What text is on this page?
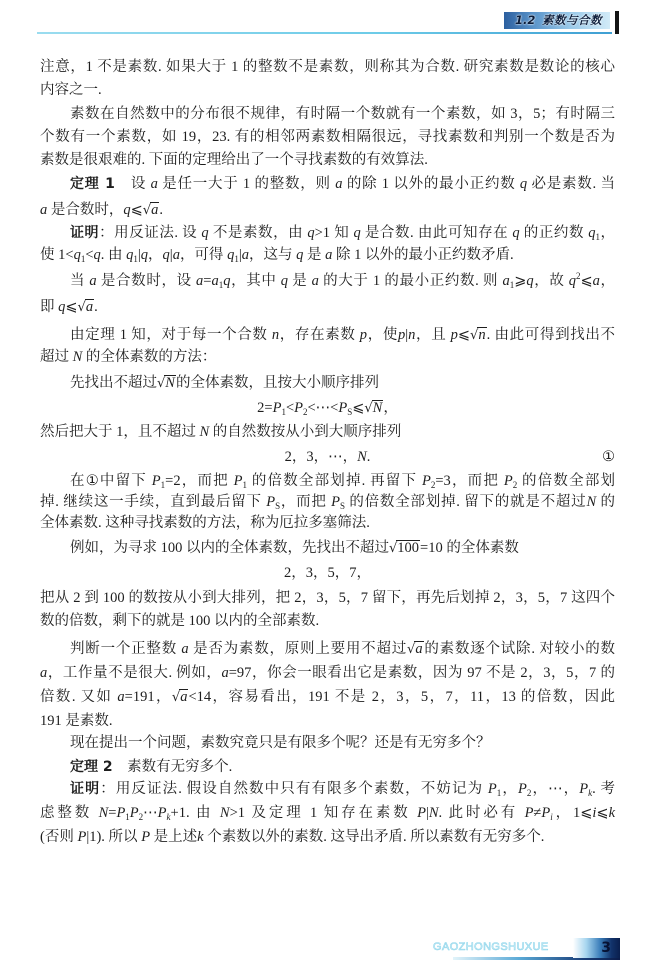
1.2 素数与合数
注意，1 不是素数. 如果大于 1 的整数不是素数，则称其为合数. 研究素数是数论的核心
内容之一.
素数在自然数中的分布很不规律，有时隔一个数就有一个素数，如 3，5；有时隔三
个数有一个素数，如 19，23. 有的相邻两素数相隔很远，寻找素数和判别一个数是否为
素数是很艰难的. 下面的定理给出了一个寻找素数的有效算法.
定理 1　设 a 是任一大于 1 的整数，则 a 的除 1 以外的最小正约数 q 必是素数. 当
a 是合数时，q⩽√a.
证明：用反证法. 设 q 不是素数，由 q>1 知 q 是合数. 由此可知存在 q 的正约数 $q_1$，
使 $1<q_1<q$. 由 $q_1|q$，q|a，可得 $q_1|a$，这与 q 是 a 除 1 以外的最小正约数矛盾.
当 a 是合数时，设 $a=a_1q$，其中 q 是 a 的大于 1 的最小正约数. 则 $a_1⩾q$，故 $q^2⩽a$，
即 q⩽√a.
由定理 1 知，对于每一个合数 n，存在素数 p，使p|n，且 p⩽√n. 由此可得到找出不
超过 N 的全体素数的方法：
先找出不超过√N的全体素数，且按大小顺序排列
$2=P_1<P_2<\cdots<P_S⩽√N$，
然后把大于 1，且不超过 N 的自然数按从小到大顺序排列
2，3，⋯，N.	①
在①中留下 $P_1=2$，而把 $P_1$ 的倍数全部划掉. 再留下 $P_2=3$，而把 $P_2$ 的倍数全部划
掉. 继续这一手续，直到最后留下 $P_S$，而把 $P_S$ 的倍数全部划掉. 留下的就是不超过N 的
全体素数. 这种寻找素数的方法，称为厄拉多塞筛法.
例如，为寻求 100 以内的全体素数，先找出不超过√100=10 的全体素数
2，3，5，7，
把从 2 到 100 的数按从小到大排列，把 2，3，5，7 留下，再先后划掉 2，3，5，7 这四个
数的倍数，剩下的就是 100 以内的全部素数.
判断一个正整数 a 是否为素数，原则上要用不超过√a的素数逐个试除. 对较小的数
a，工作量不是很大. 例如，a=97，你会一眼看出它是素数，因为 97 不是 2，3，5，7 的
倍数. 又如 a=191，√a<14，容易看出，191 不是 2，3，5，7，11，13 的倍数，因此
191 是素数.
现在提出一个问题，素数究竟只是有限多个呢？还是有无穷多个？
定理 2　素数有无穷多个.
证明：用反证法. 假设自然数中只有有限多个素数，不妨记为 $P_1$，$P_2$，⋯，$P_k$. 考
虑整数 $N=P_1P_2\cdots P_k+1$. 由 N>1 及定理 1 知存在素数 P|N. 此时必有 $P\ne P_i$，1⩽i⩽k
(否则 P|1). 所以 P 是上述k 个素数以外的素数. 这导出矛盾. 所以素数有无穷多个.
GAOZHONGSHUXUE	3
